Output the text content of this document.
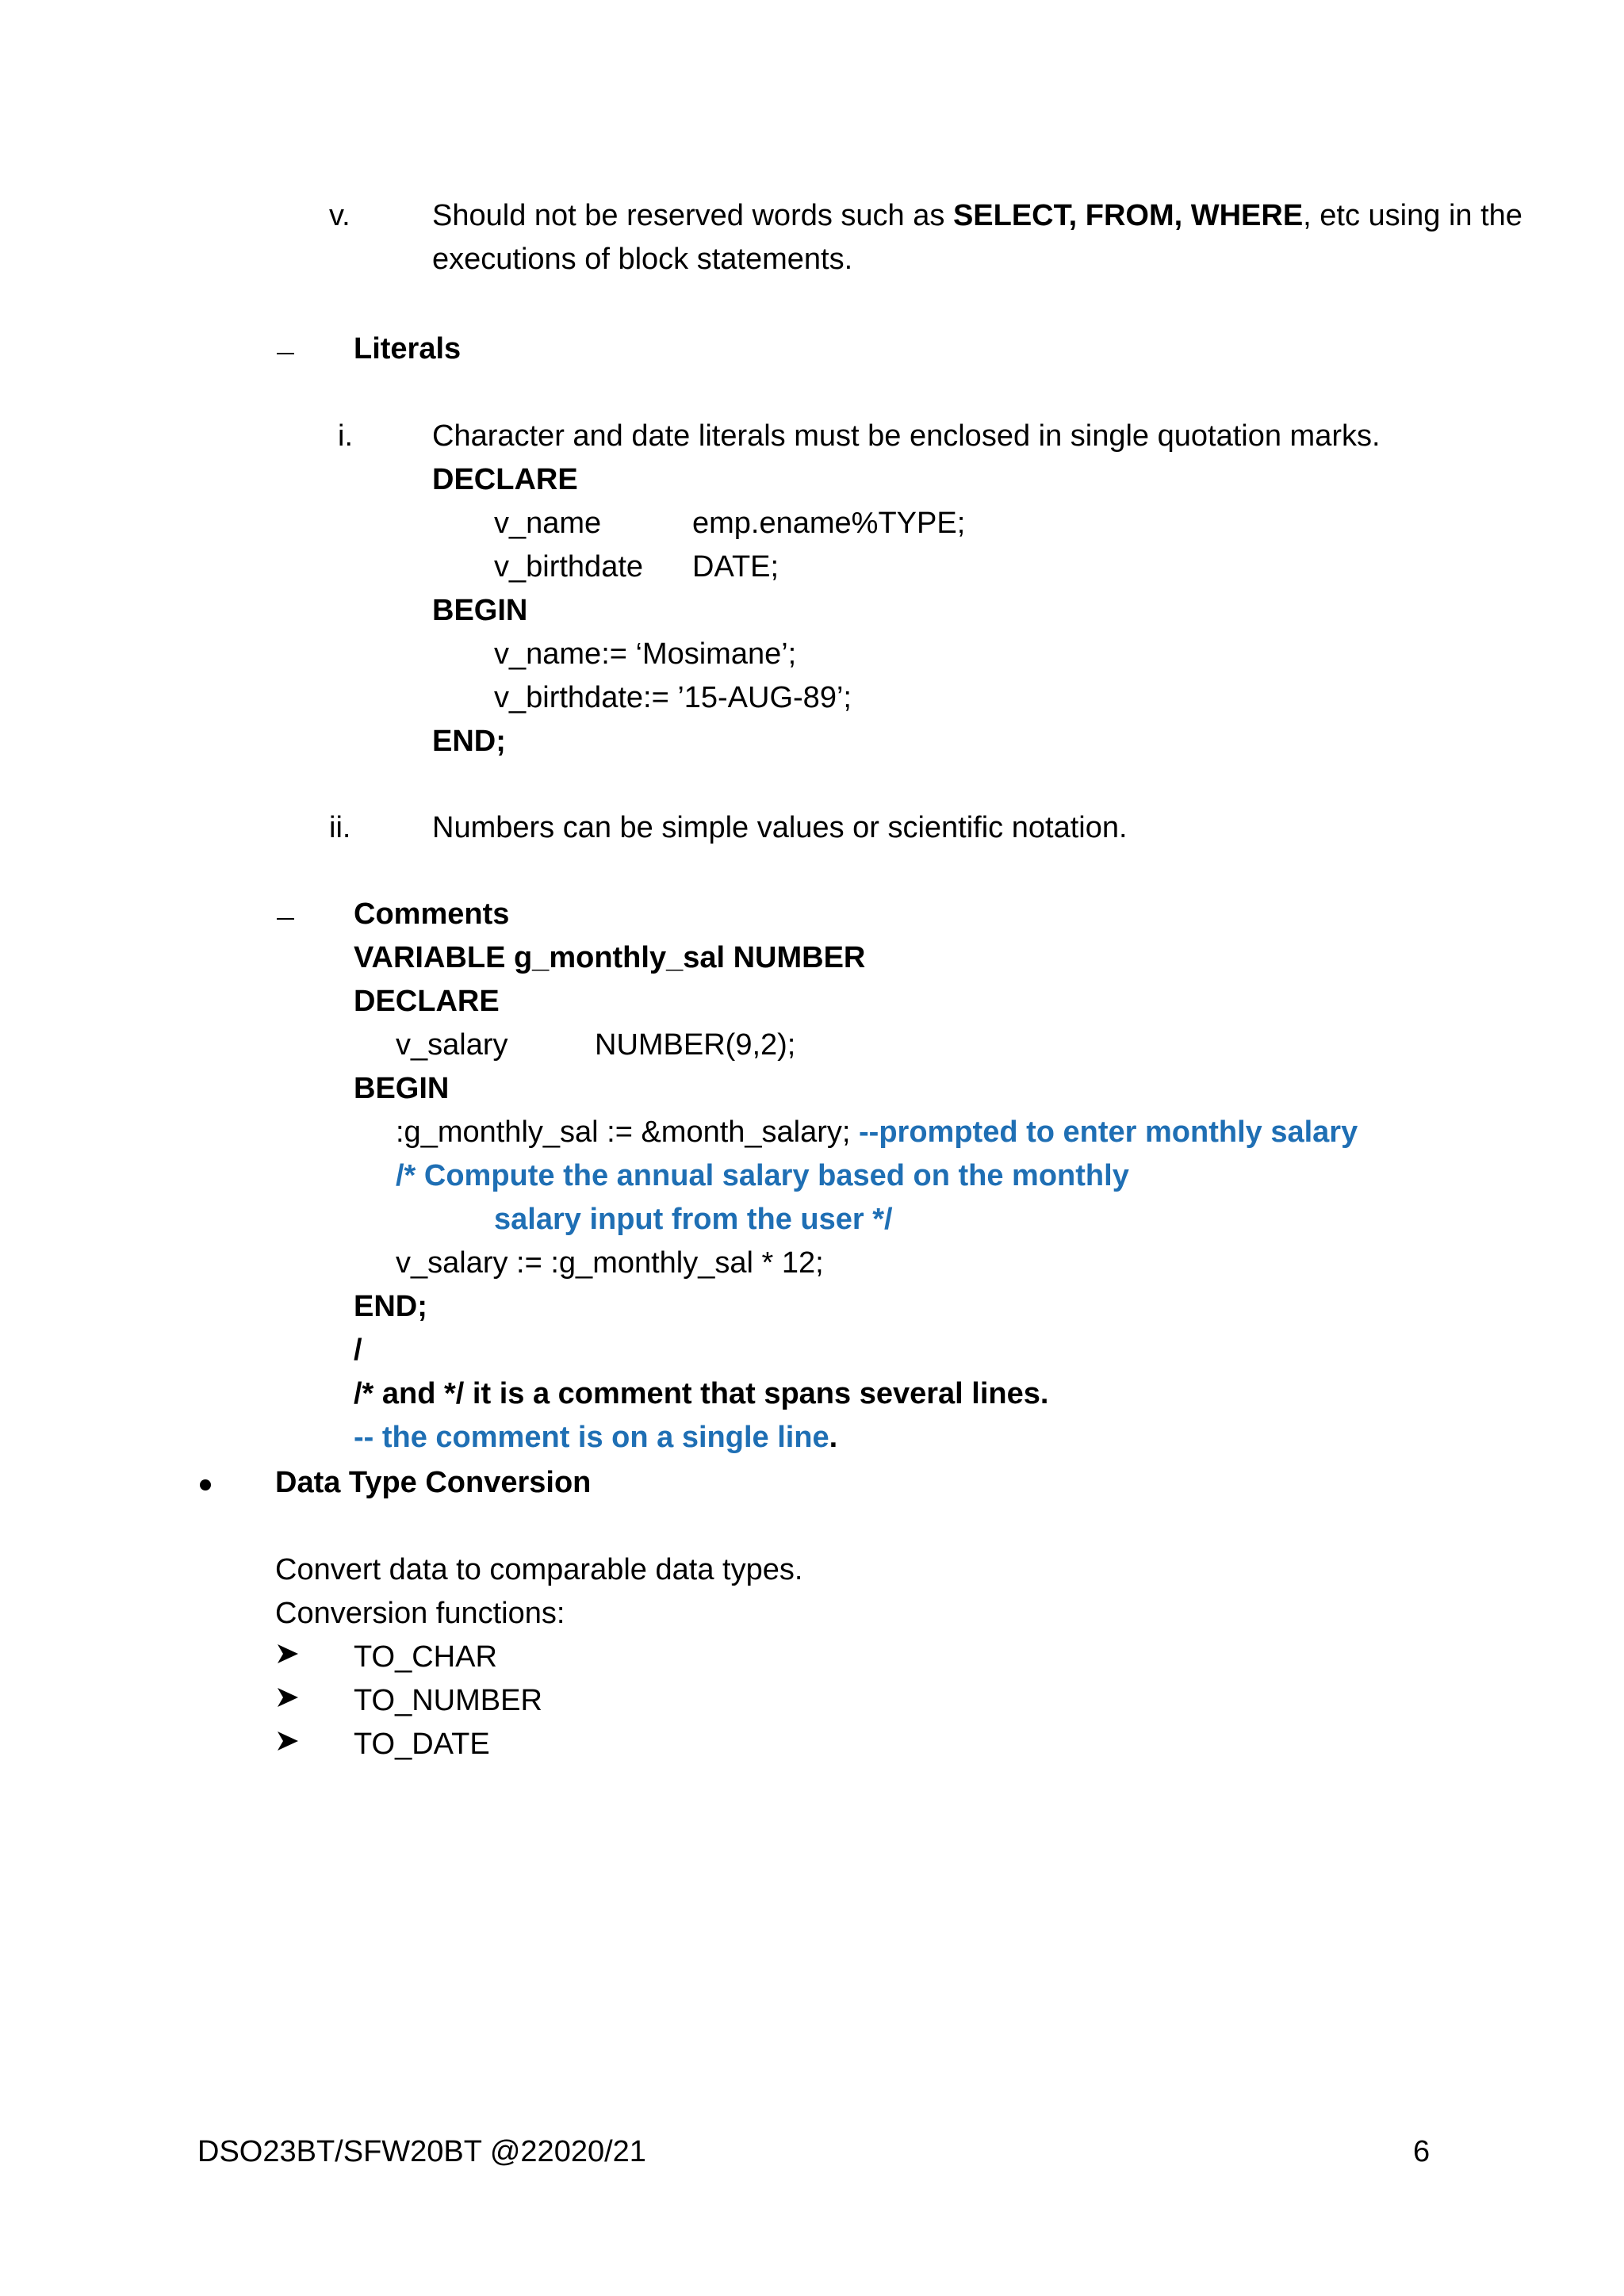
v.	Should not be reserved words such as SELECT, FROM, WHERE, etc using in the
executions of block statements.
Literals
i.	Character and date literals must be enclosed in single quotation marks.
DECLARE
v_name	emp.ename%TYPE;
v_birthdate DATE;
BEGIN
v_name:= ‘Mosimane’;
v_birthdate:= ’15-AUG-89’;
END;
ii.	Numbers can be simple values or scientific notation.
Comments
VARIABLE g_monthly_sal NUMBER
DECLARE
v_salary	NUMBER(9,2);
BEGIN
:g_monthly_sal := &month_salary; --prompted to enter monthly salary
/* Compute the annual salary based on the monthly
salary input from the user */
v_salary := :g_monthly_sal * 12;
END;
/
/* and */ it is a comment that spans several lines.
-- the comment is on a single line.
Data Type Conversion
Convert data to comparable data types.
Conversion functions:
TO_CHAR
TO_NUMBER
TO_DATE
DSO23BT/SFW20BT @22020/21	6
